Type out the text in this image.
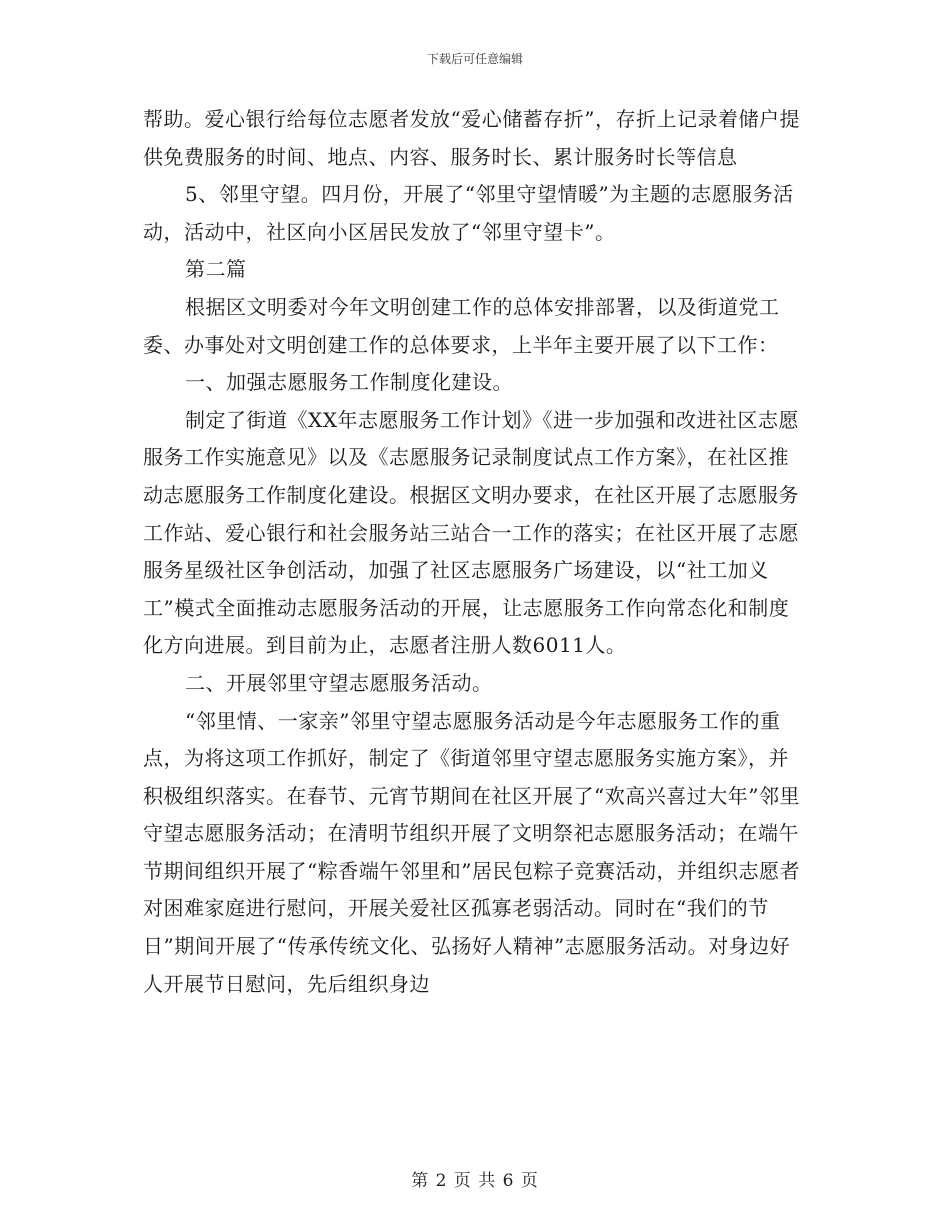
下载后可任意编辑

帮助。爱心银行给每位志愿者发放“爱心储蓄存折”，存折上记录着储户提供免费服务的时间、地点、内容、服务时长、累计服务时长等信息

5、邻里守望。四月份，开展了“邻里守望情暖”为主题的志愿服务活动，活动中，社区向小区居民发放了“邻里守望卡”。

第二篇

根据区文明委对今年文明创建工作的总体安排部署，以及街道党工委、办事处对文明创建工作的总体要求，上半年主要开展了以下工作：

一、加强志愿服务工作制度化建设。

制定了街道《XX年志愿服务工作计划》《进一步加强和改进社区志愿服务工作实施意见》以及《志愿服务记录制度试点工作方案》，在社区推动志愿服务工作制度化建设。根据区文明办要求，在社区开展了志愿服务工作站、爱心银行和社会服务站三站合一工作的落实；在社区开展了志愿服务星级社区争创活动，加强了社区志愿服务广场建设，以“社工加义工”模式全面推动志愿服务活动的开展，让志愿服务工作向常态化和制度化方向进展。到目前为止，志愿者注册人数6011人。

二、开展邻里守望志愿服务活动。

“邻里情、一家亲”邻里守望志愿服务活动是今年志愿服务工作的重点，为将这项工作抓好，制定了《街道邻里守望志愿服务实施方案》，并积极组织落实。在春节、元宵节期间在社区开展了“欢高兴喜过大年”邻里守望志愿服务活动；在清明节组织开展了文明祭祀志愿服务活动；在端午节期间组织开展了“粽香端午邻里和”居民包粽子竞赛活动，并组织志愿者对困难家庭进行慰问，开展关爱社区孤寡老弱活动。同时在“我们的节日”期间开展了“传承传统文化、弘扬好人精神”志愿服务活动。对身边好人开展节日慰问，先后组织身边

第 2 页 共 6 页
